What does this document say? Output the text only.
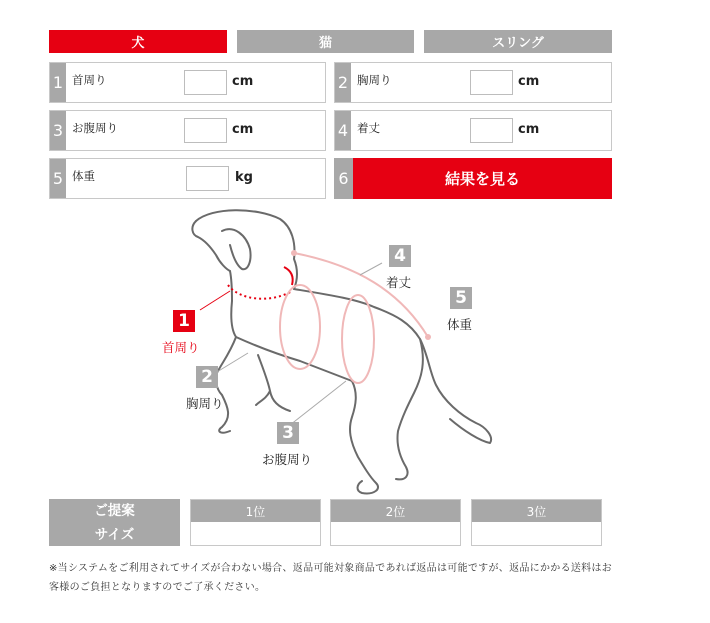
犬	猫	スリング
1 首周り	cm	2 胸周り	cm
3 お腹周り	cm	4 着丈	cm
5 体重	kg	6	結果を見る
1
首周り
2
胸周り
3
お腹周り
4
着丈
5
体重
ご提案
サイズ
1位	2位	3位
※当システムをご利用されてサイズが合わない場合、返品可能対象商品であれば返品は可能ですが、返品にかかる送料はお客様のご負担となりますのでご了承ください。
